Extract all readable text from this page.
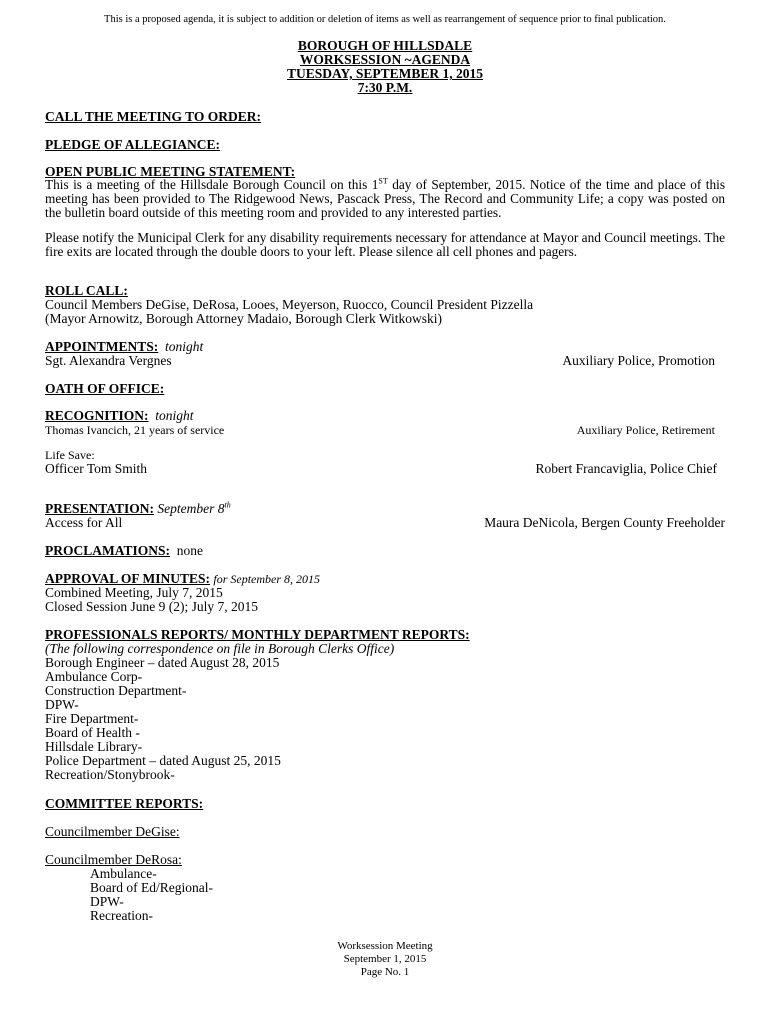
This is a proposed agenda, it is subject to addition or deletion of items as well as rearrangement of sequence prior to final publication.
BOROUGH OF HILLSDALE
WORKSESSION ~AGENDA
TUESDAY, SEPTEMBER 1, 2015
7:30 P.M.
CALL THE MEETING TO ORDER:
PLEDGE OF ALLEGIANCE:
OPEN PUBLIC MEETING STATEMENT:
This is a meeting of the Hillsdale Borough Council on this 1ST day of September, 2015. Notice of the time and place of this meeting has been provided to The Ridgewood News, Pascack Press, The Record and Community Life; a copy was posted on the bulletin board outside of this meeting room and provided to any interested parties.
Please notify the Municipal Clerk for any disability requirements necessary for attendance at Mayor and Council meetings. The fire exits are located through the double doors to your left. Please silence all cell phones and pagers.
ROLL CALL:
Council Members DeGise, DeRosa, Looes, Meyerson, Ruocco, Council President Pizzella
(Mayor Arnowitz, Borough Attorney Madaio, Borough Clerk Witkowski)
APPOINTMENTS: tonight
Sgt. Alexandra Vergnes	Auxiliary Police, Promotion
OATH OF OFFICE:
RECOGNITION: tonight
Thomas Ivancich, 21 years of service	Auxiliary Police, Retirement
Life Save:
Officer Tom Smith	Robert Francaviglia, Police Chief
PRESENTATION: September 8th
Access for All	Maura DeNicola, Bergen County Freeholder
PROCLAMATIONS: none
APPROVAL OF MINUTES: for September 8, 2015
Combined Meeting, July 7, 2015
Closed Session June 9 (2); July 7, 2015
PROFESSIONALS REPORTS/ MONTHLY DEPARTMENT REPORTS:
(The following correspondence on file in Borough Clerks Office)
Borough Engineer – dated August 28, 2015
Ambulance Corp-
Construction Department-
DPW-
Fire Department-
Board of Health -
Hillsdale Library-
Police Department – dated August 25, 2015
Recreation/Stonybrook-
COMMITTEE REPORTS:
Councilmember DeGise:
Councilmember DeRosa:
Ambulance-
Board of Ed/Regional-
DPW-
Recreation-
Worksession Meeting
September 1, 2015
Page No. 1
